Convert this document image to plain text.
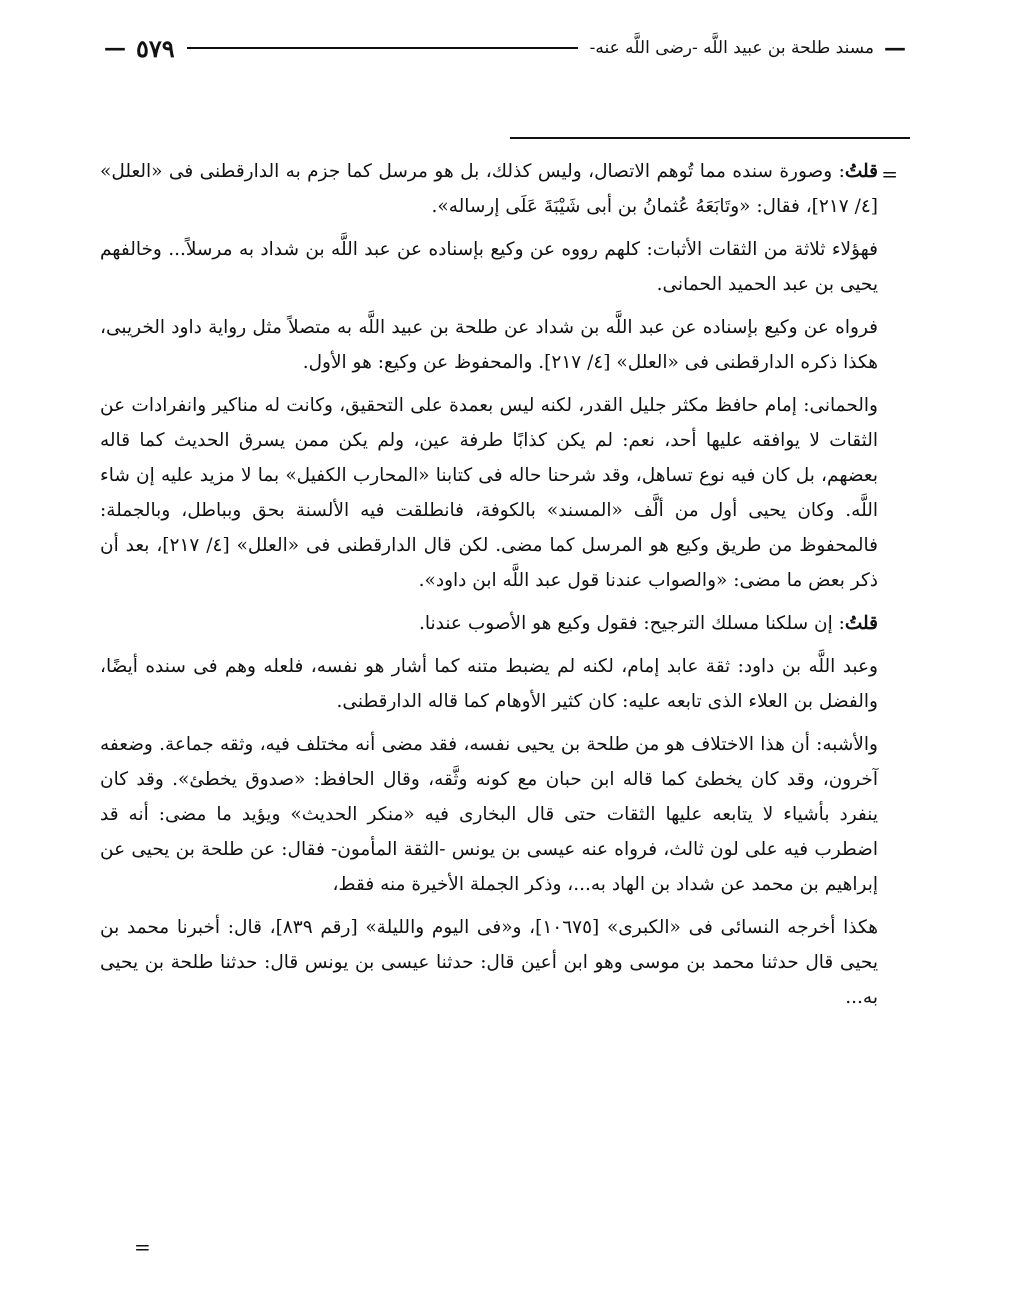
—
مسند طلحة بن عبيد اللَّه -رضى اللَّه عنه-
٥٧٩
—
=

قلتُ: وصورة سنده مما تُوهم الاتصال، وليس كذلك، بل هو مرسل كما جزم به الدارقطنى فى «العلل» [٤/ ٢١٧]، فقال: «وتَابَعَهُ عُثمانُ بن أبى شَيْبَةَ عَلَى إرساله».

فهؤلاء ثلاثة من الثقات الأثبات: كلهم رووه عن وكيع بإسناده عن عبد اللَّه بن شداد به مرسلاً... وخالفهم يحيى بن عبد الحميد الحمانى.

فرواه عن وكيع بإسناده عن عبد اللَّه بن شداد عن طلحة بن عبيد اللَّه به متصلاً مثل رواية داود الخريبى، هكذا ذكره الدارقطنى فى «العلل» [٤/ ٢١٧]. والمحفوظ عن وكيع: هو الأول.

والحمانى: إمام حافظ مكثر جليل القدر، لكنه ليس بعمدة على التحقيق، وكانت له مناكير وانفرادات عن الثقات لا يوافقه عليها أحد، نعم: لم يكن كذابًا طرفة عين، ولم يكن ممن يسرق الحديث كما قاله بعضهم، بل كان فيه نوع تساهل، وقد شرحنا حاله فى كتابنا «المحارب الكفيل» بما لا مزيد عليه إن شاء اللَّه. وكان يحيى أول من ألَّف «المسند» بالكوفة، فانطلقت فيه الألسنة بحق وبباطل، وبالجملة: فالمحفوظ من طريق وكيع هو المرسل كما مضى. لكن قال الدارقطنى فى «العلل» [٤/ ٢١٧]، بعد أن ذكر بعض ما مضى: «والصواب عندنا قول عبد اللَّه ابن داود».

قلتُ: إن سلكنا مسلك الترجيح: فقول وكيع هو الأصوب عندنا.

وعبد اللَّه بن داود: ثقة عابد إمام، لكنه لم يضبط متنه كما أشار هو نفسه، فلعله وهم فى سنده أيضًا، والفضل بن العلاء الذى تابعه عليه: كان كثير الأوهام كما قاله الدارقطنى.

والأشبه: أن هذا الاختلاف هو من طلحة بن يحيى نفسه، فقد مضى أنه مختلف فيه، وثقه جماعة. وضعفه آخرون، وقد كان يخطئ كما قاله ابن حبان مع كونه وثَّقه، وقال الحافظ: «صدوق يخطئ». وقد كان ينفرد بأشياء لا يتابعه عليها الثقات حتى قال البخارى فيه «منكر الحديث» ويؤيد ما مضى: أنه قد اضطرب فيه على لون ثالث، فرواه عنه عيسى بن يونس -الثقة المأمون- فقال: عن طلحة بن يحيى عن إبراهيم بن محمد عن شداد بن الهاد به...، وذكر الجملة الأخيرة منه فقط،

هكذا أخرجه النسائى فى «الكبرى» [١٠٦٧٥]، و«فى اليوم والليلة» [رقم ٨٣٩]، قال: أخبرنا محمد بن يحيى قال حدثنا محمد بن موسى وهو ابن أعين قال: حدثنا عيسى بن يونس قال: حدثنا طلحة بن يحيى به...

=
